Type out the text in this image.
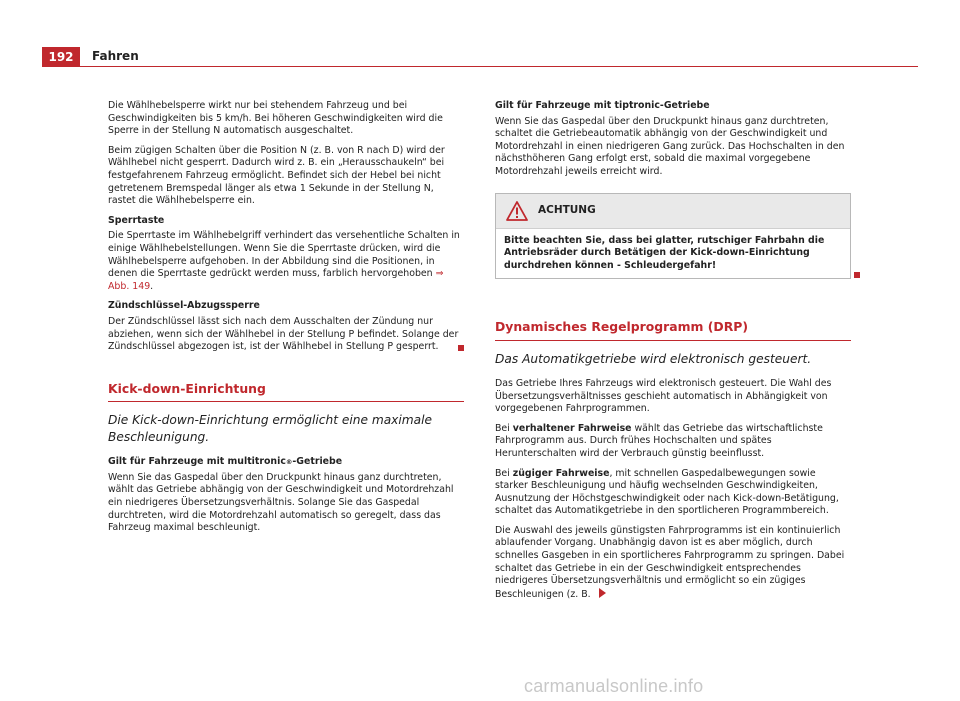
192	Fahren

Die Wählhebelsperre wirkt nur bei stehendem Fahrzeug und bei Geschwindigkeiten bis 5 km/h. Bei höheren Geschwindigkeiten wird die Sperre in der Stellung N automatisch ausgeschaltet.

Beim zügigen Schalten über die Position N (z. B. von R nach D) wird der Wählhebel nicht gesperrt. Dadurch wird z. B. ein „Herausschaukeln“ bei festgefahrenem Fahrzeug ermöglicht. Befindet sich der Hebel bei nicht getretenem Bremspedal länger als etwa 1 Sekunde in der Stellung N, rastet die Wählhebelsperre ein.

Sperrtaste

Die Sperrtaste im Wählhebelgriff verhindert das versehentliche Schalten in einige Wählhebelstellungen. Wenn Sie die Sperrtaste drücken, wird die Wählhebelsperre aufgehoben. In der Abbildung sind die Positionen, in denen die Sperrtaste gedrückt werden muss, farblich hervorgehoben ⇒ Abb. 149.

Zündschlüssel-Abzugssperre

Der Zündschlüssel lässt sich nach dem Ausschalten der Zündung nur abziehen, wenn sich der Wählhebel in der Stellung P befindet. Solange der Zündschlüssel abgezogen ist, ist der Wählhebel in Stellung P gesperrt.

Kick-down-Einrichtung
Die Kick-down-Einrichtung ermöglicht eine maximale Beschleunigung.
Gilt für Fahrzeuge mit multitronic®-Getriebe

Wenn Sie das Gaspedal über den Druckpunkt hinaus ganz durchtreten, wählt das Getriebe abhängig von der Geschwindigkeit und Motordrehzahl ein niedrigeres Übersetzungsverhältnis. Solange Sie das Gaspedal durchtreten, wird die Motordrehzahl automatisch so geregelt, dass das Fahrzeug maximal beschleunigt.

Gilt für Fahrzeuge mit tiptronic-Getriebe

Wenn Sie das Gaspedal über den Druckpunkt hinaus ganz durchtreten, schaltet die Getriebeautomatik abhängig von der Geschwindigkeit und Motordrehzahl in einen niedrigeren Gang zurück. Das Hochschalten in den nächsthöheren Gang erfolgt erst, sobald die maximal vorgegebene Motordrehzahl jeweils erreicht wird.

ACHTUNG
Bitte beachten Sie, dass bei glatter, rutschiger Fahrbahn die Antriebsräder durch Betätigen der Kick-down-Einrichtung durchdrehen können - Schleudergefahr!
Dynamisches Regelprogramm (DRP)
Das Automatikgetriebe wird elektronisch gesteuert.

Das Getriebe Ihres Fahrzeugs wird elektronisch gesteuert. Die Wahl des Übersetzungsverhältnisses geschieht automatisch in Abhängigkeit von vorgegebenen Fahrprogrammen.

Bei verhaltener Fahrweise wählt das Getriebe das wirtschaftlichste Fahrprogramm aus. Durch frühes Hochschalten und spätes Herunterschalten wird der Verbrauch günstig beeinflusst.

Bei zügiger Fahrweise, mit schnellen Gaspedalbewegungen sowie starker Beschleunigung und häufig wechselnden Geschwindigkeiten, Ausnutzung der Höchstgeschwindigkeit oder nach Kick-down-Betätigung, schaltet das Automatikgetriebe in den sportlicheren Programmbereich.

Die Auswahl des jeweils günstigsten Fahrprogramms ist ein kontinuierlich ablaufender Vorgang. Unabhängig davon ist es aber möglich, durch schnelles Gasgeben in ein sportlicheres Fahrprogramm zu springen. Dabei schaltet das Getriebe in ein der Geschwindigkeit entsprechendes niedrigeres Übersetzungsverhältnis und ermöglicht so ein zügiges Beschleunigen (z. B.

carmanualsonline.info
